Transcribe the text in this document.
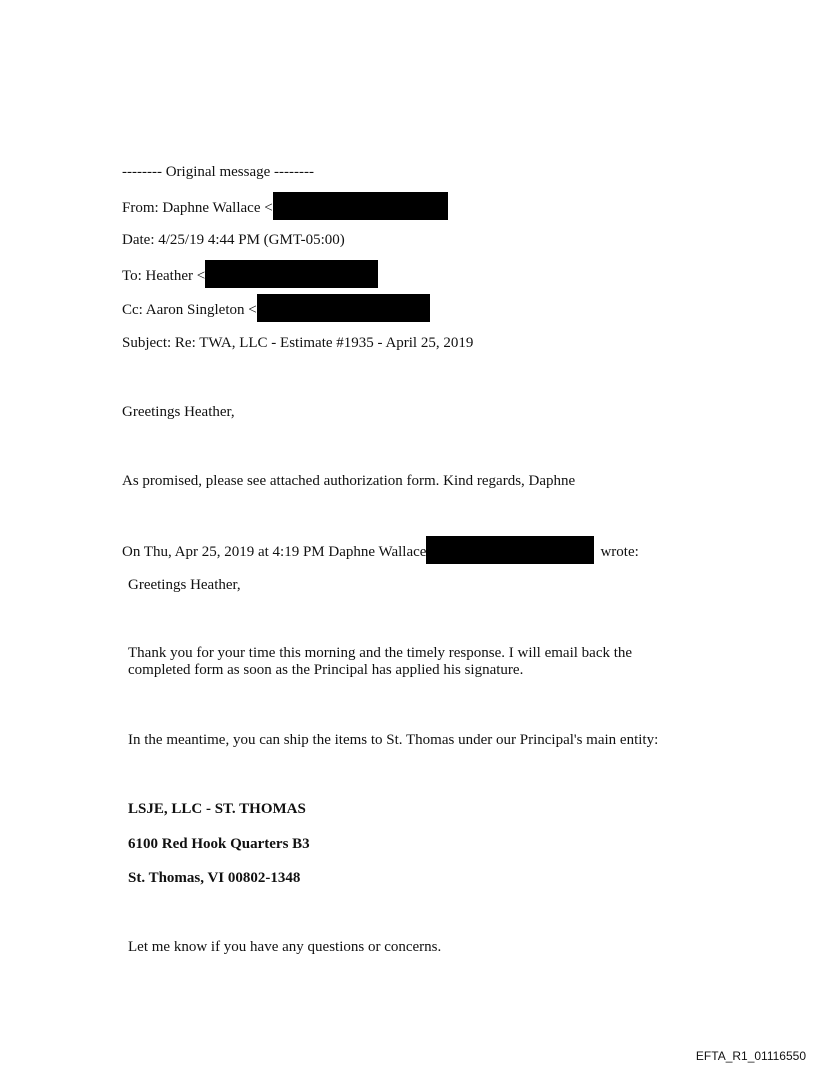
-------- Original message --------
From: Daphne Wallace <
Date: 4/25/19 4:44 PM (GMT-05:00)
To: Heather <
Cc: Aaron Singleton <
Subject: Re: TWA, LLC - Estimate #1935 - April 25, 2019
Greetings Heather,
As promised, please see attached authorization form. Kind regards, Daphne
On Thu, Apr 25, 2019 at 4:19 PM Daphne Wallace	wrote:
Greetings Heather,
Thank you for your time this morning and the timely response. I will email back the completed form as soon as the Principal has applied his signature.
In the meantime, you can ship the items to St. Thomas under our Principal's main entity:
LSJE, LLC - ST. THOMAS
6100 Red Hook Quarters B3
St. Thomas, VI 00802-1348
Let me know if you have any questions or concerns.
EFTA_R1_01116550
